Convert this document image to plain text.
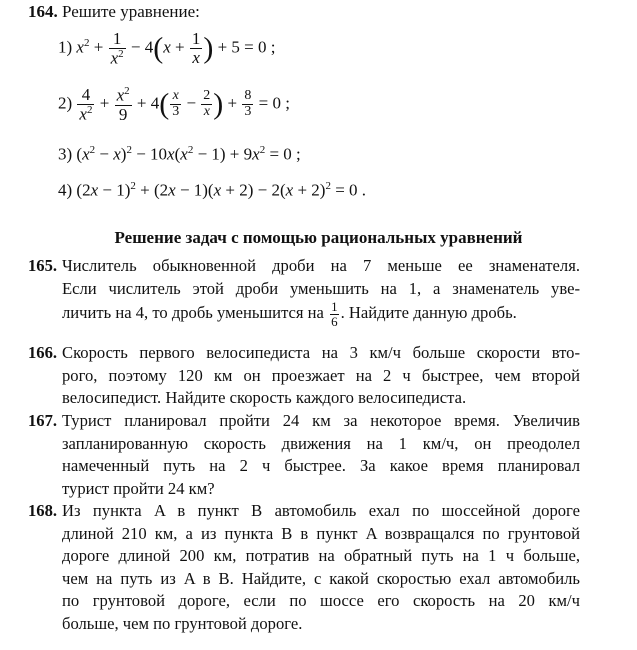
164. Решите уравнение:
1) $x^2 + \frac{1}{x^2} - 4(x + \frac{1}{x}$ ) + 5 = 0 ;
$2) \frac{4}{x^2} + \frac{x^2}{9} + 4( \frac{x}{3} - \frac{2}{x}$ ) + $\frac{8}{3} = 0$ ;
3) $(x^2 - x)^2 - 10x(x^2 - 1) + 9x^2 = 0$ ;
4) $(2x - 1)^2 + (2x - 1)(x + 2) - 2(x + 2)^2 = 0$ .
Решение задач с помощью рациональных уравнений
165. Числитель обыкновенной дроби на 7 меньше ее знаменателя.
Если числитель этой дроби уменьшить на 1, а знаменатель уве-
личить на 4, то дробь уменьшится на $\frac{1}{6}$ . Найдите данную дробь.
166. Скорость первого велосипедиста на 3 км/ч больше скорости вто-
рого, поэтому 120 км он проезжает на 2 ч быстрее, чем второй
велосипедист. Найдите скорость каждого велосипедиста.
167. Турист планировал пройти 24 км за некоторое время. Увеличив
запланированную скорость движения на 1 км/ч, он преодолел
намеченный путь на 2 ч быстрее. За какое время планировал
турист пройти 24 км?
168. Из пункта A в пункт B автомобиль ехал по шоссейной дороге
длиной 210 км, а из пункта B в пункт A возвращался по грунтовой
дороге длиной 200 км, потратив на обратный путь на 1 ч больше,
чем на путь из A в B. Найдите, с какой скоростью ехал автомобиль
по грунтовой дороге, если по шоссе его скорость на 20 км/ч
больше, чем по грунтовой дороге.
